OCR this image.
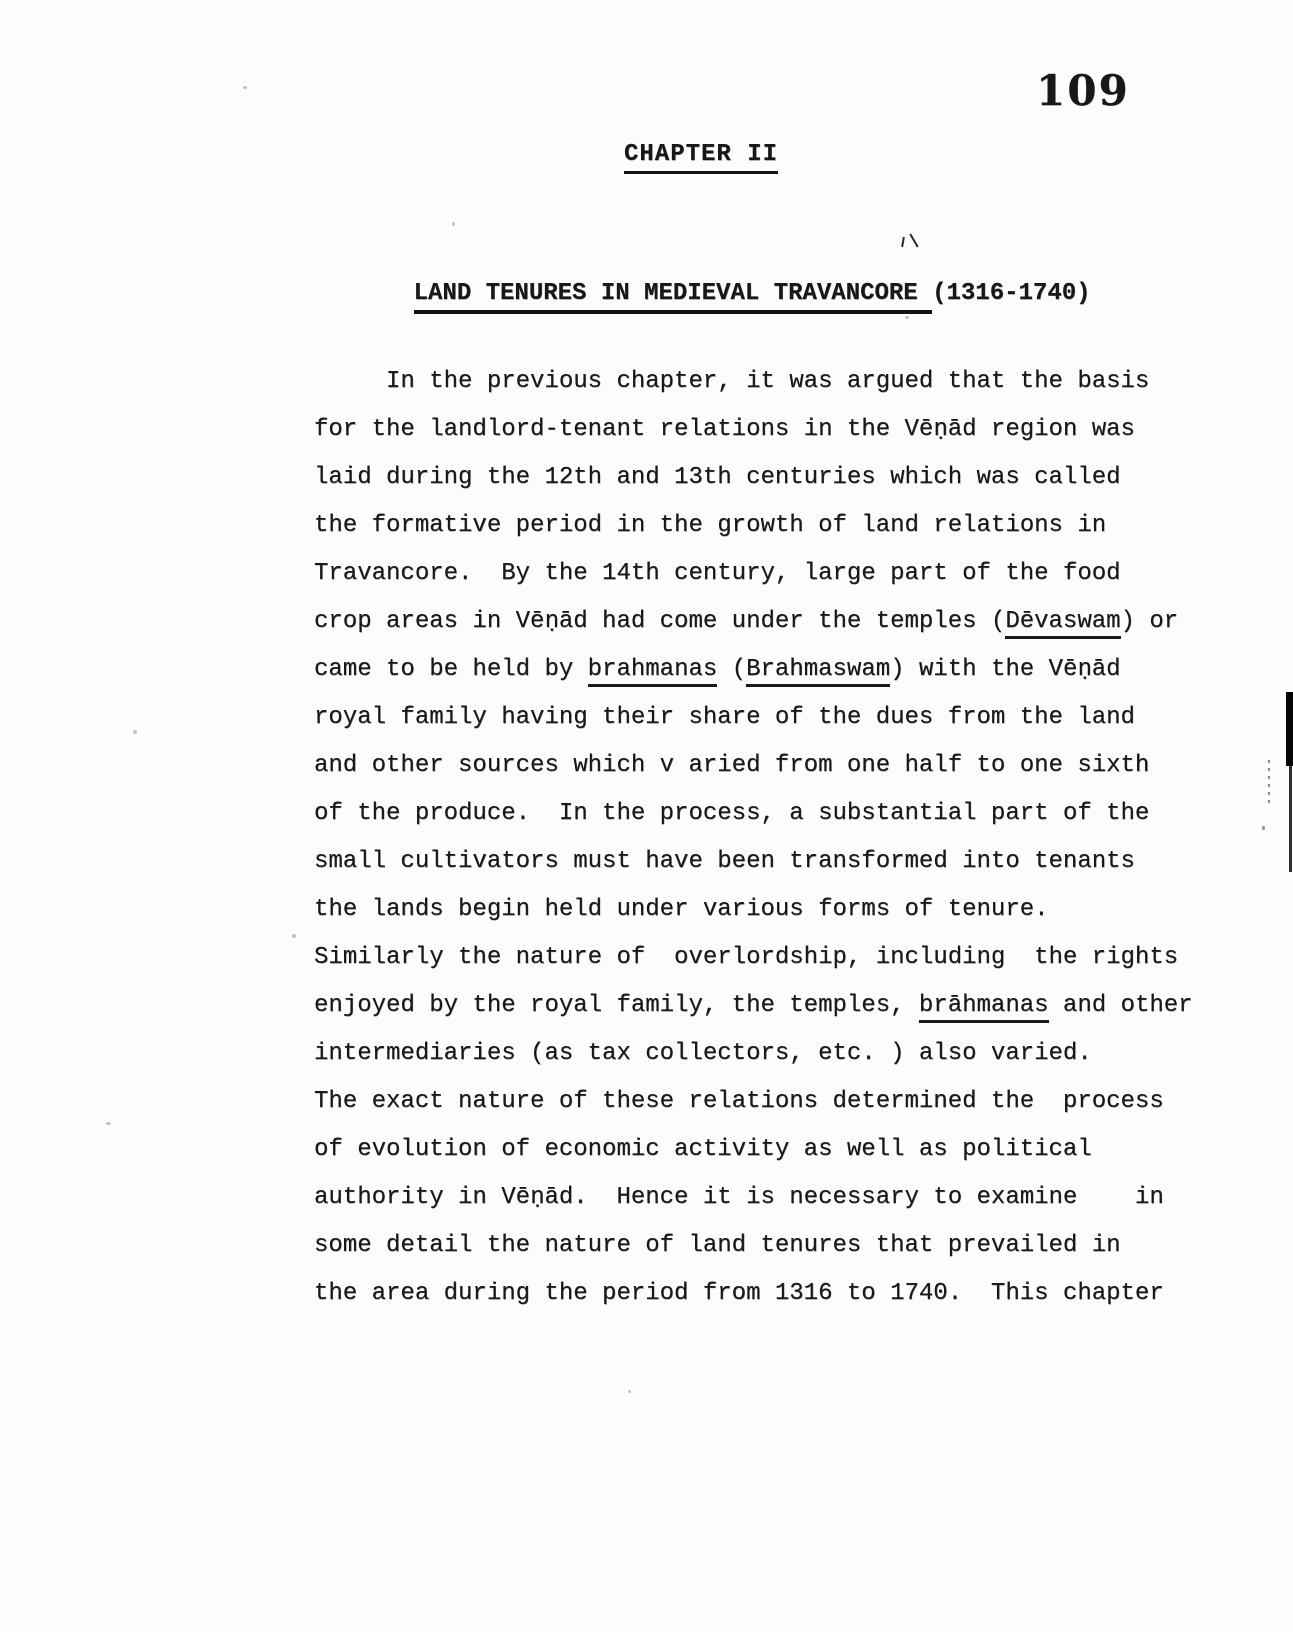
109
CHAPTER II

LAND TENURES IN MEDIEVAL TRAVANCORE (1316-1740)

In the previous chapter, it was argued that the basis
for the landlord-tenant relations in the Vēṇād region was
laid during the 12th and 13th centuries which was called
the formative period in the growth of land relations in
Travancore.  By the 14th century, large part of the food
crop areas in Vēṇād had come under the temples (Dēvaswam) or
came to be held by brahmanas (Brahmaswam) with the Vēṇād
royal family having their share of the dues from the land
and other sources which v aried from one half to one sixth
of the produce.  In the process, a substantial part of the
small cultivators must have been transformed into tenants
the lands begin held under various forms of tenure.
Similarly the nature of  overlordship, including  the rights
enjoyed by the royal family, the temples, brāhmanas and other
intermediaries (as tax collectors, etc. ) also varied.
The exact nature of these relations determined the  process
of evolution of economic activity as well as political
authority in Vēṇād.  Hence it is necessary to examine    in
some detail the nature of land tenures that prevailed in
the area during the period from 1316 to 1740.  This chapter
